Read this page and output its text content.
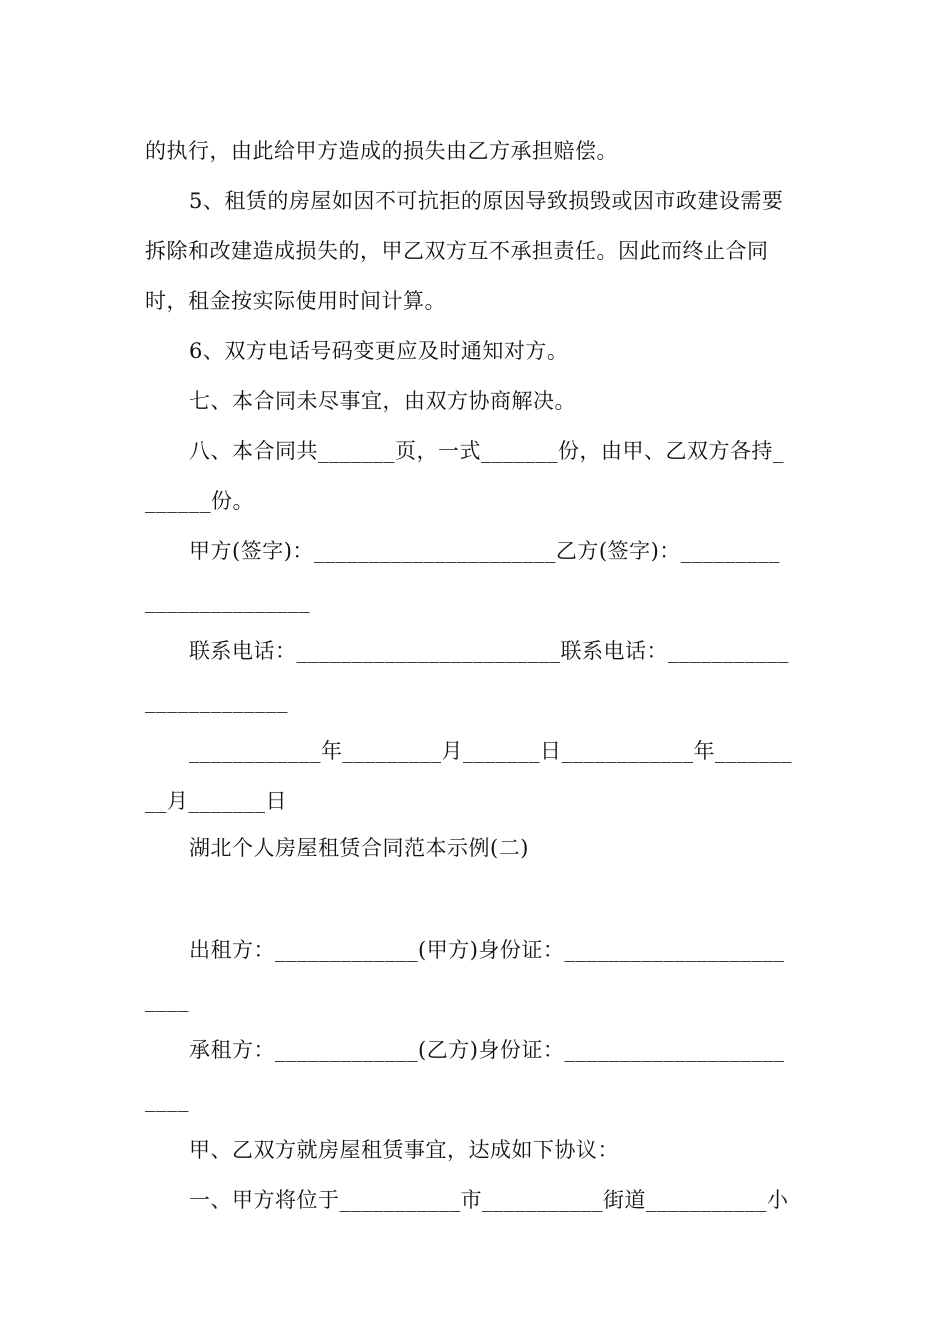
的执行，由此给甲方造成的损失由乙方承担赔偿。
5、租赁的房屋如因不可抗拒的原因导致损毁或因市政建设需要
拆除和改建造成损失的，甲乙双方互不承担责任。因此而终止合同
时，租金按实际使用时间计算。
6、双方电话号码变更应及时通知对方。
七、本合同未尽事宜，由双方协商解决。
八、本合同共_______页，一式_______份，由甲、乙双方各持_
______份。
甲方(签字)：______________________乙方(签字)：_________
_______________
联系电话：________________________联系电话：___________
_____________
____________年_________月_______日____________年_______
__月_______日
湖北个人房屋租赁合同范本示例(二)
出租方：_____________(甲方)身份证：____________________
____
承租方：_____________(乙方)身份证：____________________
____
甲、乙双方就房屋租赁事宜，达成如下协议：
一、甲方将位于___________市___________街道___________小
